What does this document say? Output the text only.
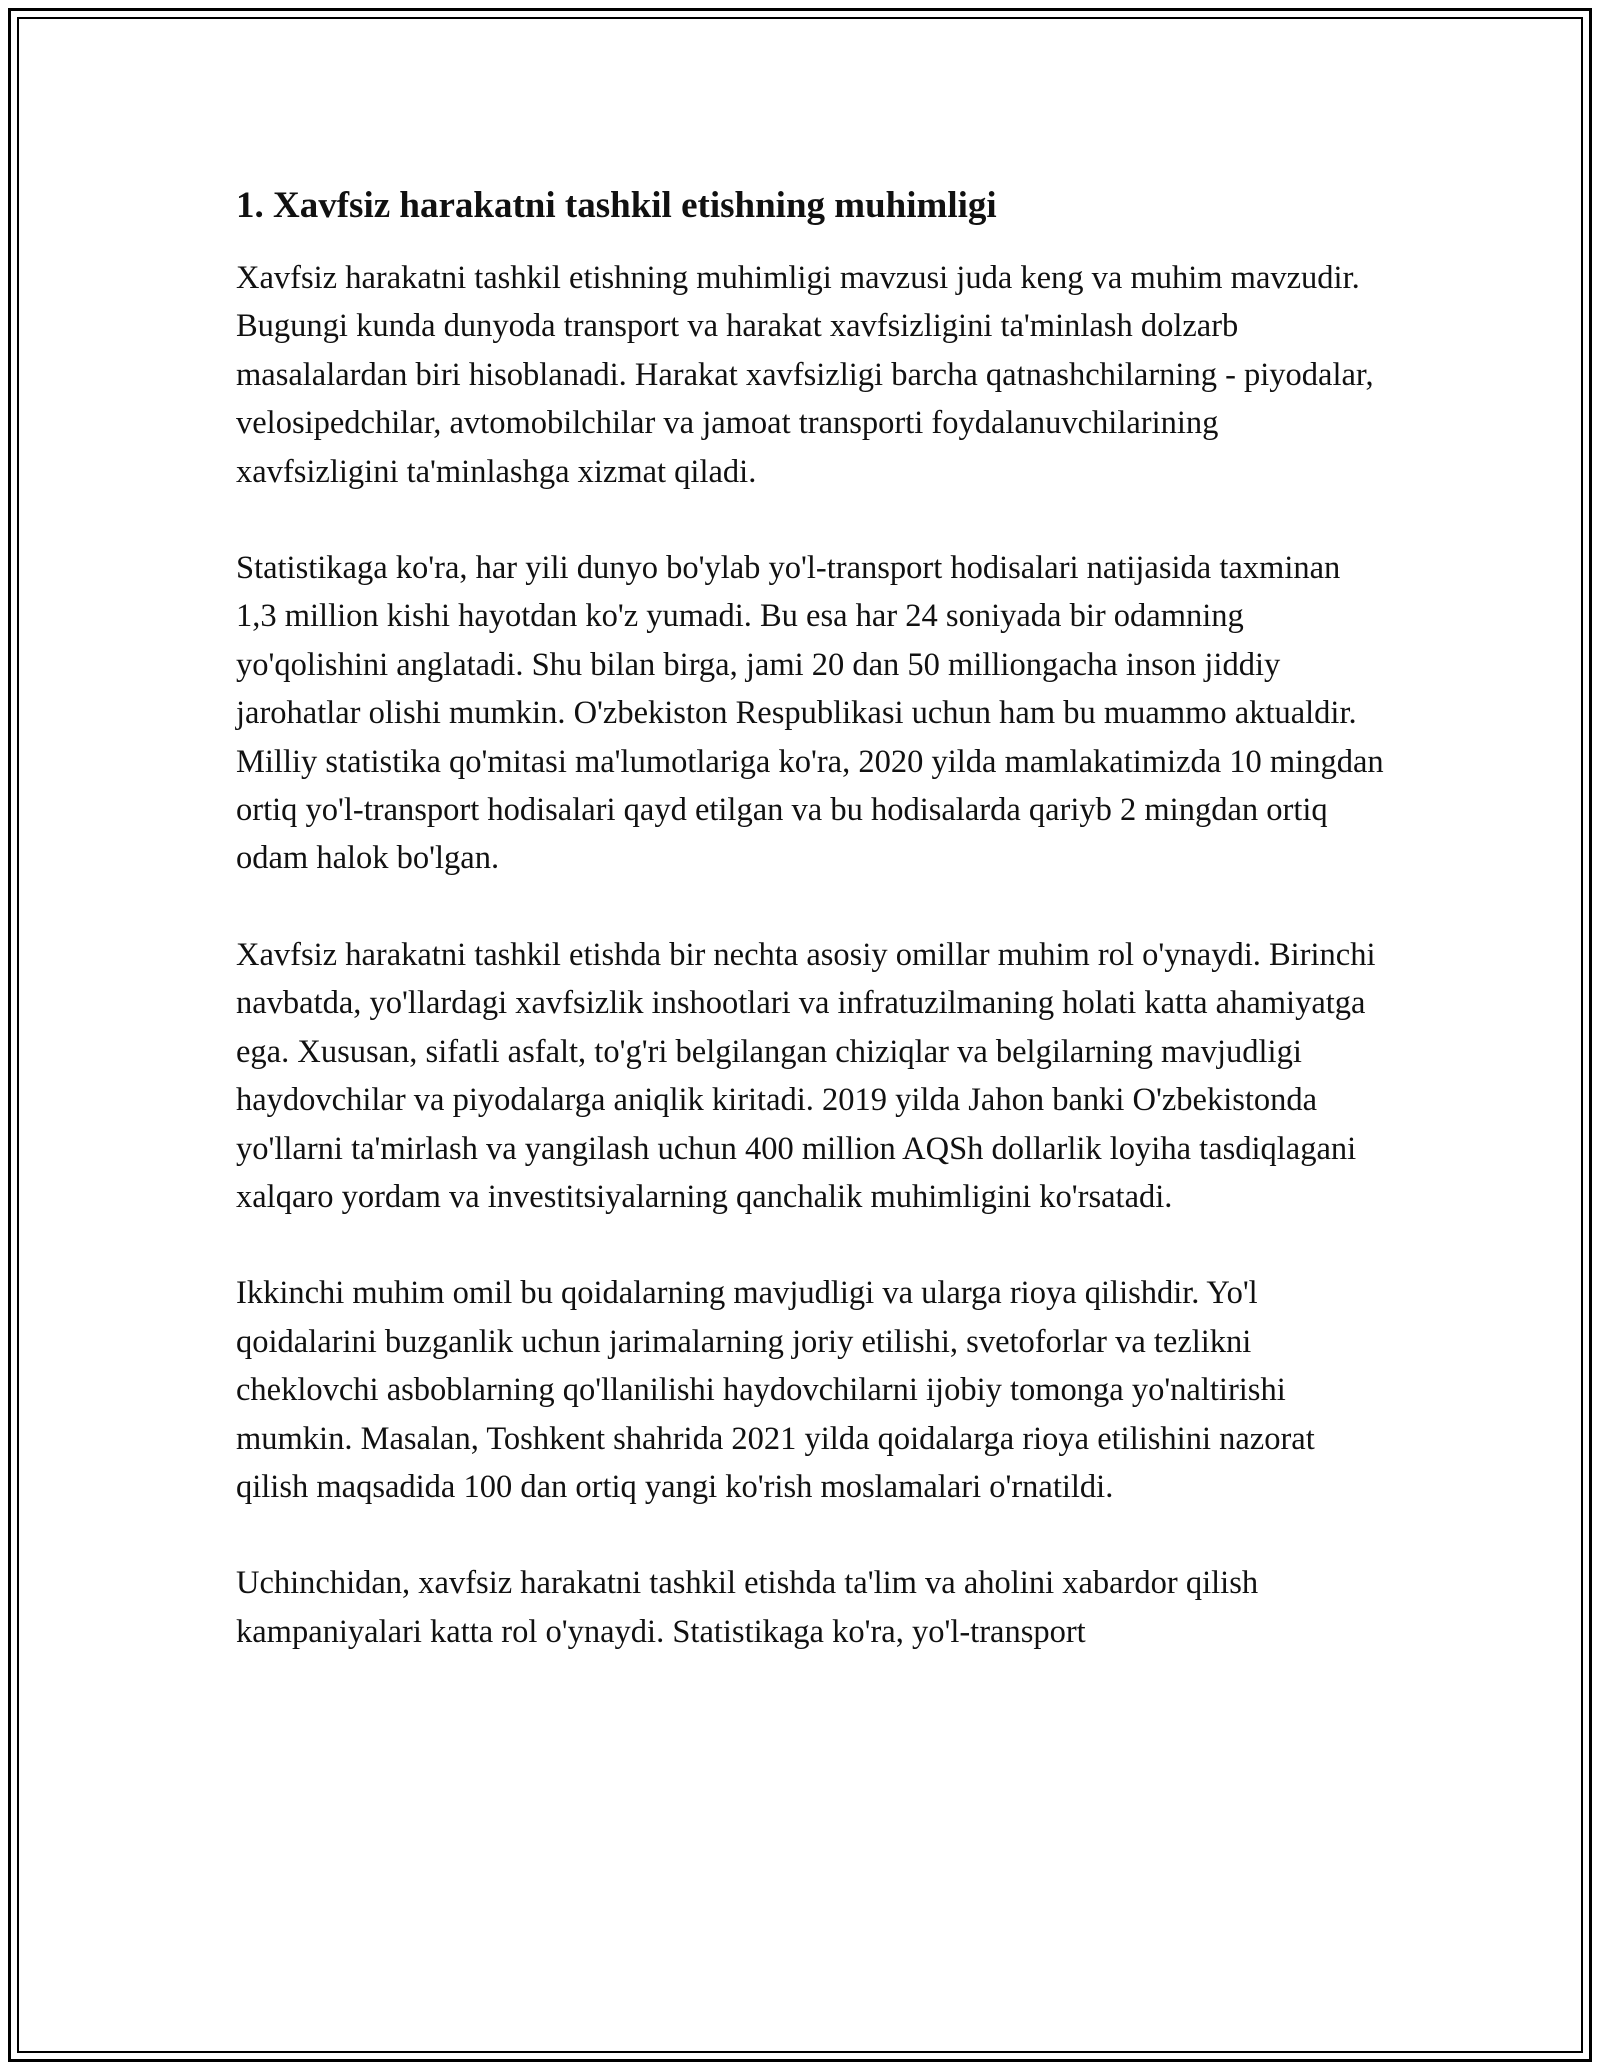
1. Xavfsiz harakatni tashkil etishning muhimligi

Xavfsiz harakatni tashkil etishning muhimligi mavzusi juda keng va muhim mavzudir. Bugungi kunda dunyoda transport va harakat xavfsizligini ta'minlash dolzarb masalalardan biri hisoblanadi. Harakat xavfsizligi barcha qatnashchilarning - piyodalar, velosipedchilar, avtomobilchilar va jamoat transporti foydalanuvchilarining xavfsizligini ta'minlashga xizmat qiladi.

Statistikaga ko'ra, har yili dunyo bo'ylab yo'l-transport hodisalari natijasida taxminan 1,3 million kishi hayotdan ko'z yumadi. Bu esa har 24 soniyada bir odamning yo'qolishini anglatadi. Shu bilan birga, jami 20 dan 50 milliongacha inson jiddiy jarohatlar olishi mumkin. O'zbekiston Respublikasi uchun ham bu muammo aktualdir. Milliy statistika qo'mitasi ma'lumotlariga ko'ra, 2020 yilda mamlakatimizda 10 mingdan ortiq yo'l-transport hodisalari qayd etilgan va bu hodisalarda qariyb 2 mingdan ortiq odam halok bo'lgan.

Xavfsiz harakatni tashkil etishda bir nechta asosiy omillar muhim rol o'ynaydi. Birinchi navbatda, yo'llardagi xavfsizlik inshootlari va infratuzilmaning holati katta ahamiyatga ega. Xususan, sifatli asfalt, to'g'ri belgilangan chiziqlar va belgilarning mavjudligi haydovchilar va piyodalarga aniqlik kiritadi. 2019 yilda Jahon banki O'zbekistonda yo'llarni ta'mirlash va yangilash uchun 400 million AQSh dollarlik loyiha tasdiqlagani xalqaro yordam va investitsiyalarning qanchalik muhimligini ko'rsatadi.

Ikkinchi muhim omil bu qoidalarning mavjudligi va ularga rioya qilishdir. Yo'l qoidalarini buzganlik uchun jarimalarning joriy etilishi, svetoforlar va tezlikni cheklovchi asboblarning qo'llanilishi haydovchilarni ijobiy tomonga yo'naltirishi mumkin. Masalan, Toshkent shahrida 2021 yilda qoidalarga rioya etilishini nazorat qilish maqsadida 100 dan ortiq yangi ko'rish moslamalari o'rnatildi.

Uchinchidan, xavfsiz harakatni tashkil etishda ta'lim va aholini xabardor qilish kampaniyalari katta rol o'ynaydi. Statistikaga ko'ra, yo'l-transport
